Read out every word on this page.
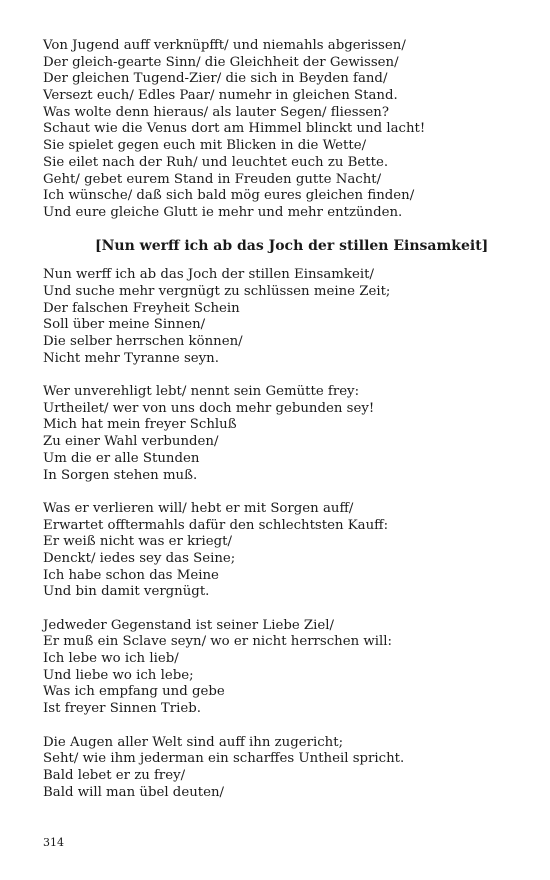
Von Jugend auff verknüpfft/ und niemahls abgerissen/
Der gleich-gearte Sinn/ die Gleichheit der Gewissen/
Der gleichen Tugend-Zier/ die sich in Beyden fand/
Versezt euch/ Edles Paar/ numehr in gleichen Stand.
Was wolte denn hieraus/ als lauter Segen/ fliessen?
Schaut wie die Venus dort am Himmel blinckt und lacht!
Sie spielet gegen euch mit Blicken in die Wette/
Sie eilet nach der Ruh/ und leuchtet euch zu Bette.
Geht/ gebet eurem Stand in Freuden gutte Nacht/
Ich wünsche/ daß sich bald mög eures gleichen finden/
Und eure gleiche Glutt ie mehr und mehr entzünden.
[Nun werff ich ab das Joch der stillen Einsamkeit]
Nun werff ich ab das Joch der stillen Einsamkeit/
Und suche mehr vergnügt zu schlüssen meine Zeit;
Der falschen Freyheit Schein
Soll über meine Sinnen/
Die selber herrschen können/
Nicht mehr Tyranne seyn.
Wer unverehligt lebt/ nennt sein Gemütte frey:
Urtheilet/ wer von uns doch mehr gebunden sey!
Mich hat mein freyer Schluß
Zu einer Wahl verbunden/
Um die er alle Stunden
In Sorgen stehen muß.
Was er verlieren will/ hebt er mit Sorgen auff/
Erwartet offtermahls dafür den schlechtsten Kauff:
Er weiß nicht was er kriegt/
Denckt/ iedes sey das Seine;
Ich habe schon das Meine
Und bin damit vergnügt.
Jedweder Gegenstand ist seiner Liebe Ziel/
Er muß ein Sclave seyn/ wo er nicht herrschen will:
Ich lebe wo ich lieb/
Und liebe wo ich lebe;
Was ich empfang und gebe
Ist freyer Sinnen Trieb.
Die Augen aller Welt sind auff ihn zugericht;
Seht/ wie ihm jederman ein scharffes Untheil spricht.
Bald lebet er zu frey/
Bald will man übel deuten/
314
